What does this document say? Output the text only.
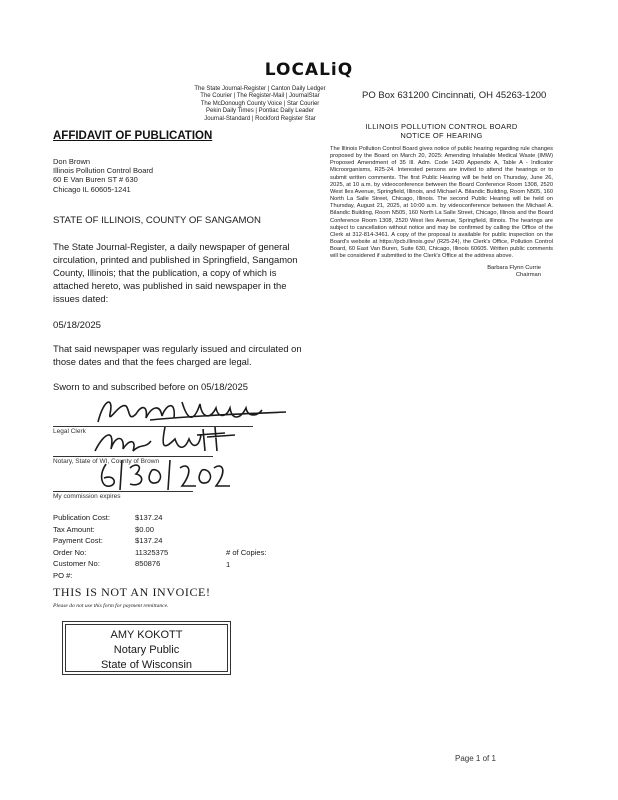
LOCALiQ
The State Journal-Register | Canton Daily Ledger
The Courier | The Register-Mail | JournalStar
The McDonough County Voice | Star Courier
Pekin Daily Times | Pontiac Daily Leader
Journal-Standard | Rockford Register Star
PO Box 631200 Cincinnati, OH 45263-1200
AFFIDAVIT OF PUBLICATION
Don Brown
Illinois Pollution Control Board
60 E Van Buren ST # 630
Chicago IL 60605-1241
STATE OF ILLINOIS, COUNTY OF SANGAMON
The State Journal-Register, a daily newspaper of general circulation, printed and published in Springfield, Sangamon County, Illinois; that the publication, a copy of which is attached hereto, was published in said newspaper in the issues dated:
05/18/2025
That said newspaper was regularly issued and circulated on those dates and that the fees charged are legal.
Sworn to and subscribed before on 05/18/2025
Legal Clerk
Notary, State of WI, County of Brown
My commission expires
Publication Cost:	$137.24
Tax Amount:	$0.00
Payment Cost:	$137.24
Order No:	11325375
Customer No:	850876
PO #:
# of Copies:
1
THIS IS NOT AN INVOICE!
Please do not use this form for payment remittance.
AMY KOKOTT
Notary Public
State of Wisconsin
ILLINOIS POLLUTION CONTROL BOARD
NOTICE OF HEARING
The Illinois Pollution Control Board gives notice of public hearing regarding rule changes proposed by the Board on March 20, 2025: Amending Inhalable Medical Waste (IMW) Proposed Amendment of 35 Ill. Adm. Code 1420 Appendix A, Table A - Indicator Microorganisms, R25-24. Interested persons are invited to attend the hearings or to submit written comments. The first Public Hearing will be held on Thursday, June 26, 2025, at 10 a.m. by videoconference between the Board Conference Room 1308, 2520 West Iles Avenue, Springfield, Illinois, and Michael A. Bilandic Building, Room N505, 160 North La Salle Street, Chicago, Illinois. The second Public Hearing will be held on Thursday, August 21, 2025, at 10:00 a.m. by videoconference between the Michael A. Bilandic Building, Room N505, 160 North La Salle Street, Chicago, Illinois and the Board Conference Room 1308, 2520 West Iles Avenue, Springfield, Illinois. The hearings are subject to cancellation without notice and may be confirmed by calling the Office of the Clerk at 312-814-3461. A copy of the proposal is available for public inspection on the Board's website at https://pcb.illinois.gov/ (R25-24), the Clerk's Office, Pollution Control Board, 60 East Van Buren, Suite 630, Chicago, Illinois 60605. Written public comments will be considered if submitted to the Clerk's Office at the address above.
Barbara Flynn Currie
Chairman
Page 1 of 1
